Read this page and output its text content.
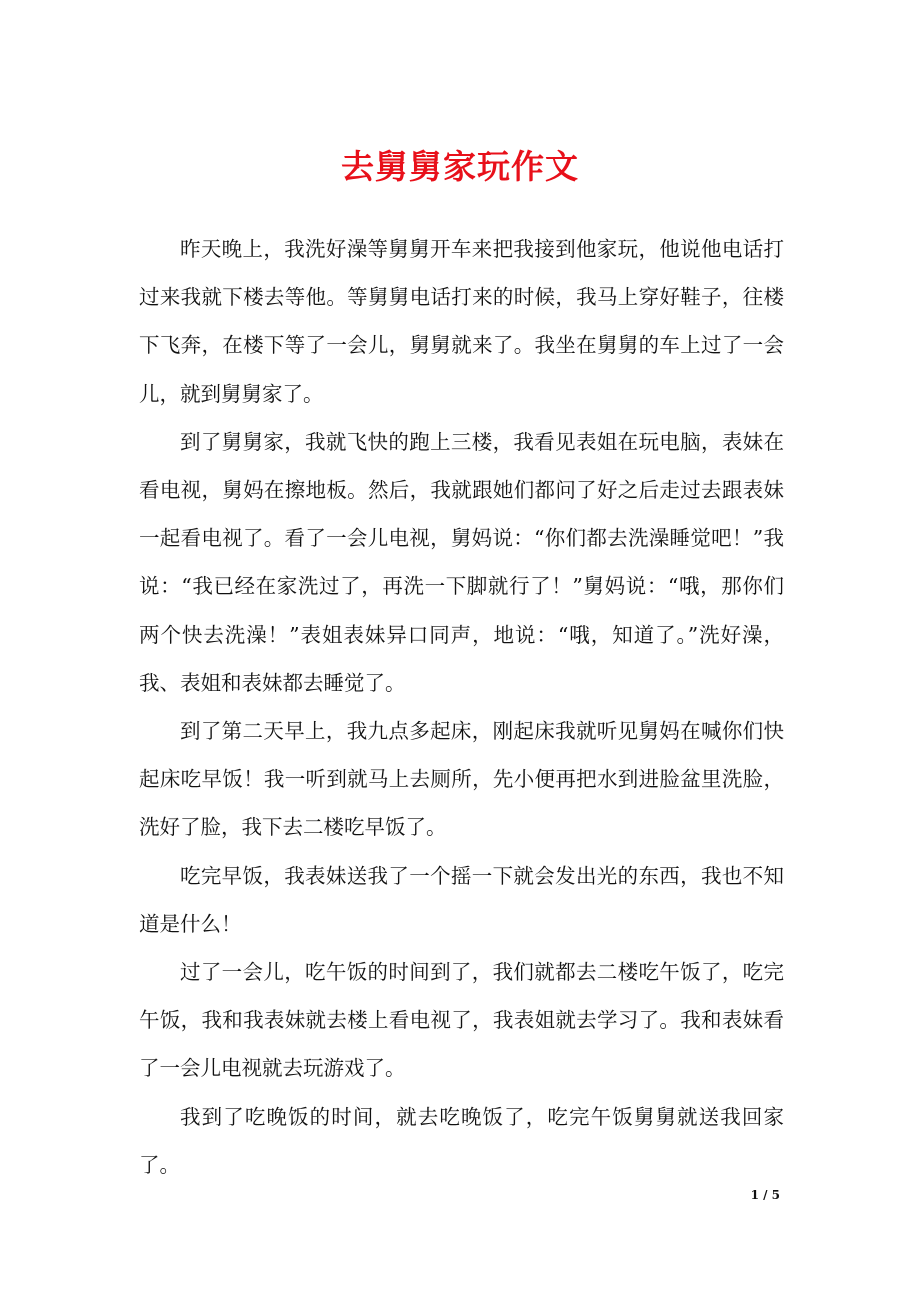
去舅舅家玩作文

昨天晚上，我洗好澡等舅舅开车来把我接到他家玩，他说他电话打过来我就下楼去等他。等舅舅电话打来的时候，我马上穿好鞋子，往楼下飞奔，在楼下等了一会儿，舅舅就来了。我坐在舅舅的车上过了一会儿，就到舅舅家了。

到了舅舅家，我就飞快的跑上三楼，我看见表姐在玩电脑，表妹在看电视，舅妈在擦地板。然后，我就跟她们都问了好之后走过去跟表妹一起看电视了。看了一会儿电视，舅妈说：“你们都去洗澡睡觉吧！”我说：“我已经在家洗过了，再洗一下脚就行了！”舅妈说：“哦，那你们两个快去洗澡！”表姐表妹异口同声，地说：“哦，知道了。”洗好澡，我、表姐和表妹都去睡觉了。

到了第二天早上，我九点多起床，刚起床我就听见舅妈在喊你们快起床吃早饭！我一听到就马上去厕所，先小便再把水到进脸盆里洗脸，洗好了脸，我下去二楼吃早饭了。

吃完早饭，我表妹送我了一个摇一下就会发出光的东西，我也不知道是什么！

过了一会儿，吃午饭的时间到了，我们就都去二楼吃午饭了，吃完午饭，我和我表妹就去楼上看电视了，我表姐就去学习了。我和表妹看了一会儿电视就去玩游戏了。

我到了吃晚饭的时间，就去吃晚饭了，吃完午饭舅舅就送我回家了。

1 / 5
